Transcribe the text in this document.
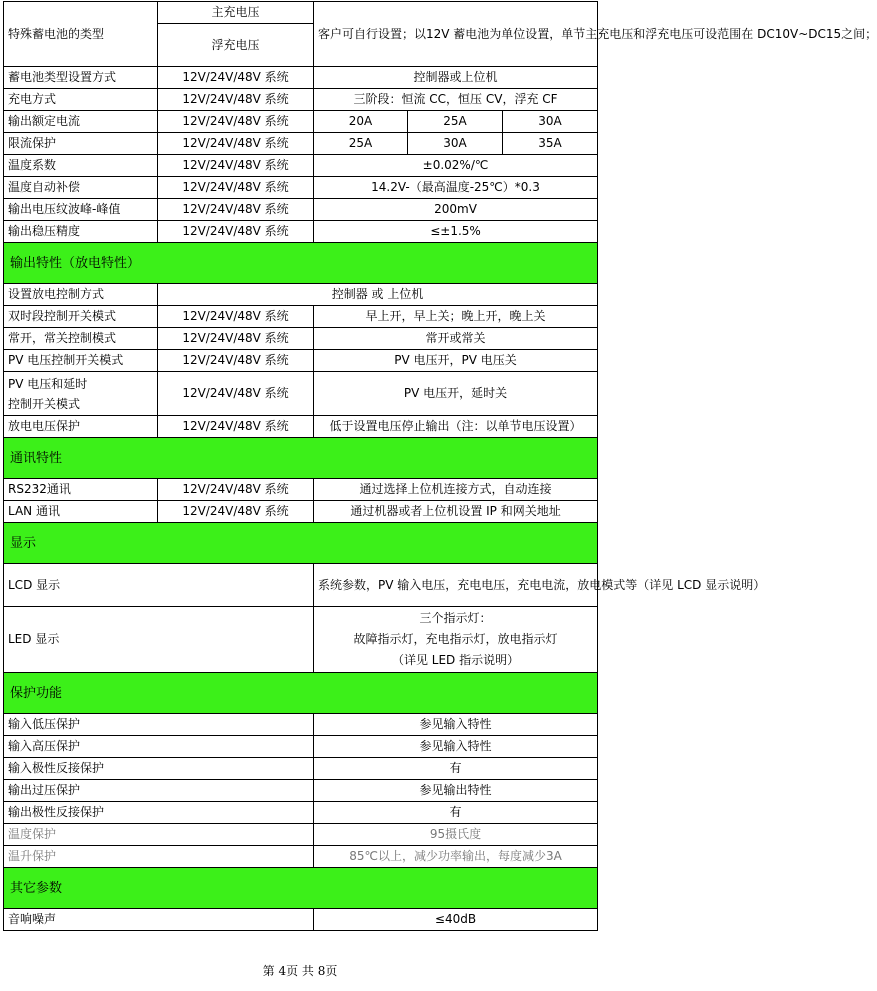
特殊蓄电池的类型	主充电压	客户可自行设置；以12V 蓄电池为单位设置，单节主充电压和浮充电压可设范围在 DC10V~DC15之间；		
	浮充电压			
蓄电池类型设置方式	12V/24V/48V 系统	控制器或上位机		
充电方式	12V/24V/48V 系统	三阶段：恒流 CC，恒压 CV，浮充 CF		
输出额定电流	12V/24V/48V 系统	20A	25A	30A
限流保护	12V/24V/48V 系统	25A	30A	35A
温度系数	12V/24V/48V 系统	±0.02%/℃		
温度自动补偿	12V/24V/48V 系统	14.2V-（最高温度-25℃）*0.3		
输出电压纹波峰-峰值	12V/24V/48V 系统	200mV		
输出稳压精度	12V/24V/48V 系统	≤±1.5%		
输出特性（放电特性）				
设置放电控制方式	控制器 或 上位机			
双时段控制开关模式	12V/24V/48V 系统	早上开，早上关；晚上开，晚上关		
常开，常关控制模式	12V/24V/48V 系统	常开或常关		
PV 电压控制开关模式	12V/24V/48V 系统	PV 电压开，PV 电压关		

PV 电压和延时
控制开关模式	12V/24V/48V 系统	PV 电压开，延时关		
放电电压保护	12V/24V/48V 系统	低于设置电压停止输出（注：以单节电压设置）		
通讯特性				
RS232通讯	12V/24V/48V 系统	通过选择上位机连接方式，自动连接		
LAN 通讯	12V/24V/48V 系统	通过机器或者上位机设置 IP 和网关地址		
显示				
LCD 显示		系统参数，PV 输入电压，充电电压，充电电流，放电模式等（详见 LCD 显示说明）		
LED 显示		三个指示灯：
故障指示灯，充电指示灯，放电指示灯
（详见 LED 指示说明）		

保护功能				
输入低压保护		参见输入特性		
输入高压保护		参见输入特性		
输入极性反接保护		有		
输出过压保护		参见输出特性		
输出极性反接保护		有		
温度保护		95摄氏度		
温升保护		85℃以上，减少功率输出，每度减少3A		
其它参数				
音响噪声		≤40dB		
第 4页 共 8页
